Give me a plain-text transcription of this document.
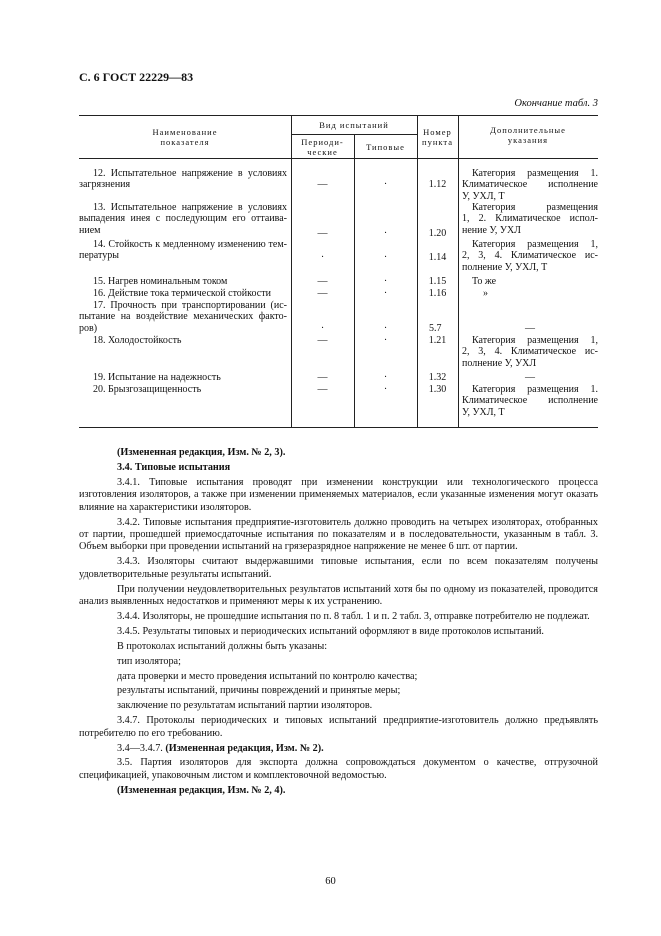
С. 6 ГОСТ 22229—83
Окончание табл. 3
Наименование
показателя
Вид испытаний
Периоди-
ческие	Типовые
Номер
пункта
Дополнительные
указания
12. Испытательное напряжение в условиях
загрязнения	—	·	1.12
Категория размещения 1.
Климатическое исполнение
У, УХЛ, Т
13. Испытательное напряжение в условиях
выпадения инея с последующим его оттаива-
нием	—	·	1.20
Категория размещения
1, 2. Климатическое испол-
нение У, УХЛ
14. Стойкость к медленному изменению тем-
пературы	·	·	1.14
Категория размещения 1,
2, 3, 4. Климатическое ис-
полнение У, УХЛ, Т
15. Нагрев номинальным током	—	·	1.15	То же
16. Действие тока термической стойкости	—	·	1.16	»
17. Прочность при транспортировании (ис-
пытание на воздействие механических факто-
ров)	·	·	5.7	—
18. Холодостойкость	—	·	1.21	Категория размещения 1,
2, 3, 4. Климатическое ис-
полнение У, УХЛ
19. Испытание на надежность	—	·	1.32	—
20. Брызгозащищенность	—	·	1.30	Категория размещения 1.
Климатическое исполнение
У, УХЛ, Т

(Измененная редакция, Изм. № 2, 3).

3.4. Типовые испытания

3.4.1. Типовые испытания проводят при изменении конструкции или технологического процесса изготовления изоляторов, а также при изменении применяемых материалов, если указанные изменения могут оказать влияние на характеристики изоляторов.

3.4.2. Типовые испытания предприятие-изготовитель должно проводить на четырех изоляторах, отобранных от партии, прошедшей приемосдаточные испытания по показателям и в последовательности, указанным в табл. 3. Объем выборки при проведении испытаний на грязеразрядное напряжение не менее 6 шт. от партии.

3.4.3. Изоляторы считают выдержавшими типовые испытания, если по всем показателям получены удовлетворительные результаты испытаний.

При получении неудовлетворительных результатов испытаний хотя бы по одному из показателей, проводится анализ выявленных недостатков и применяют меры к их устранению.

3.4.4. Изоляторы, не прошедшие испытания по п. 8 табл. 1 и п. 2 табл. 3, отправке потребителю не подлежат.

3.4.5. Результаты типовых и периодических испытаний оформляют в виде протоколов испытаний.

В протоколах испытаний должны быть указаны:

тип изолятора;

дата проверки и место проведения испытаний по контролю качества;

результаты испытаний, причины повреждений и принятые меры;

заключение по результатам испытаний партии изоляторов.

3.4.7. Протоколы периодических и типовых испытаний предприятие-изготовитель должно предъявлять потребителю по его требованию.

3.4—3.4.7. (Измененная редакция, Изм. № 2).

3.5. Партия изоляторов для экспорта должна сопровождаться документом о качестве, отгрузочной спецификацией, упаковочным листом и комплектовочной ведомостью.

(Измененная редакция, Изм. № 2, 4).

60
